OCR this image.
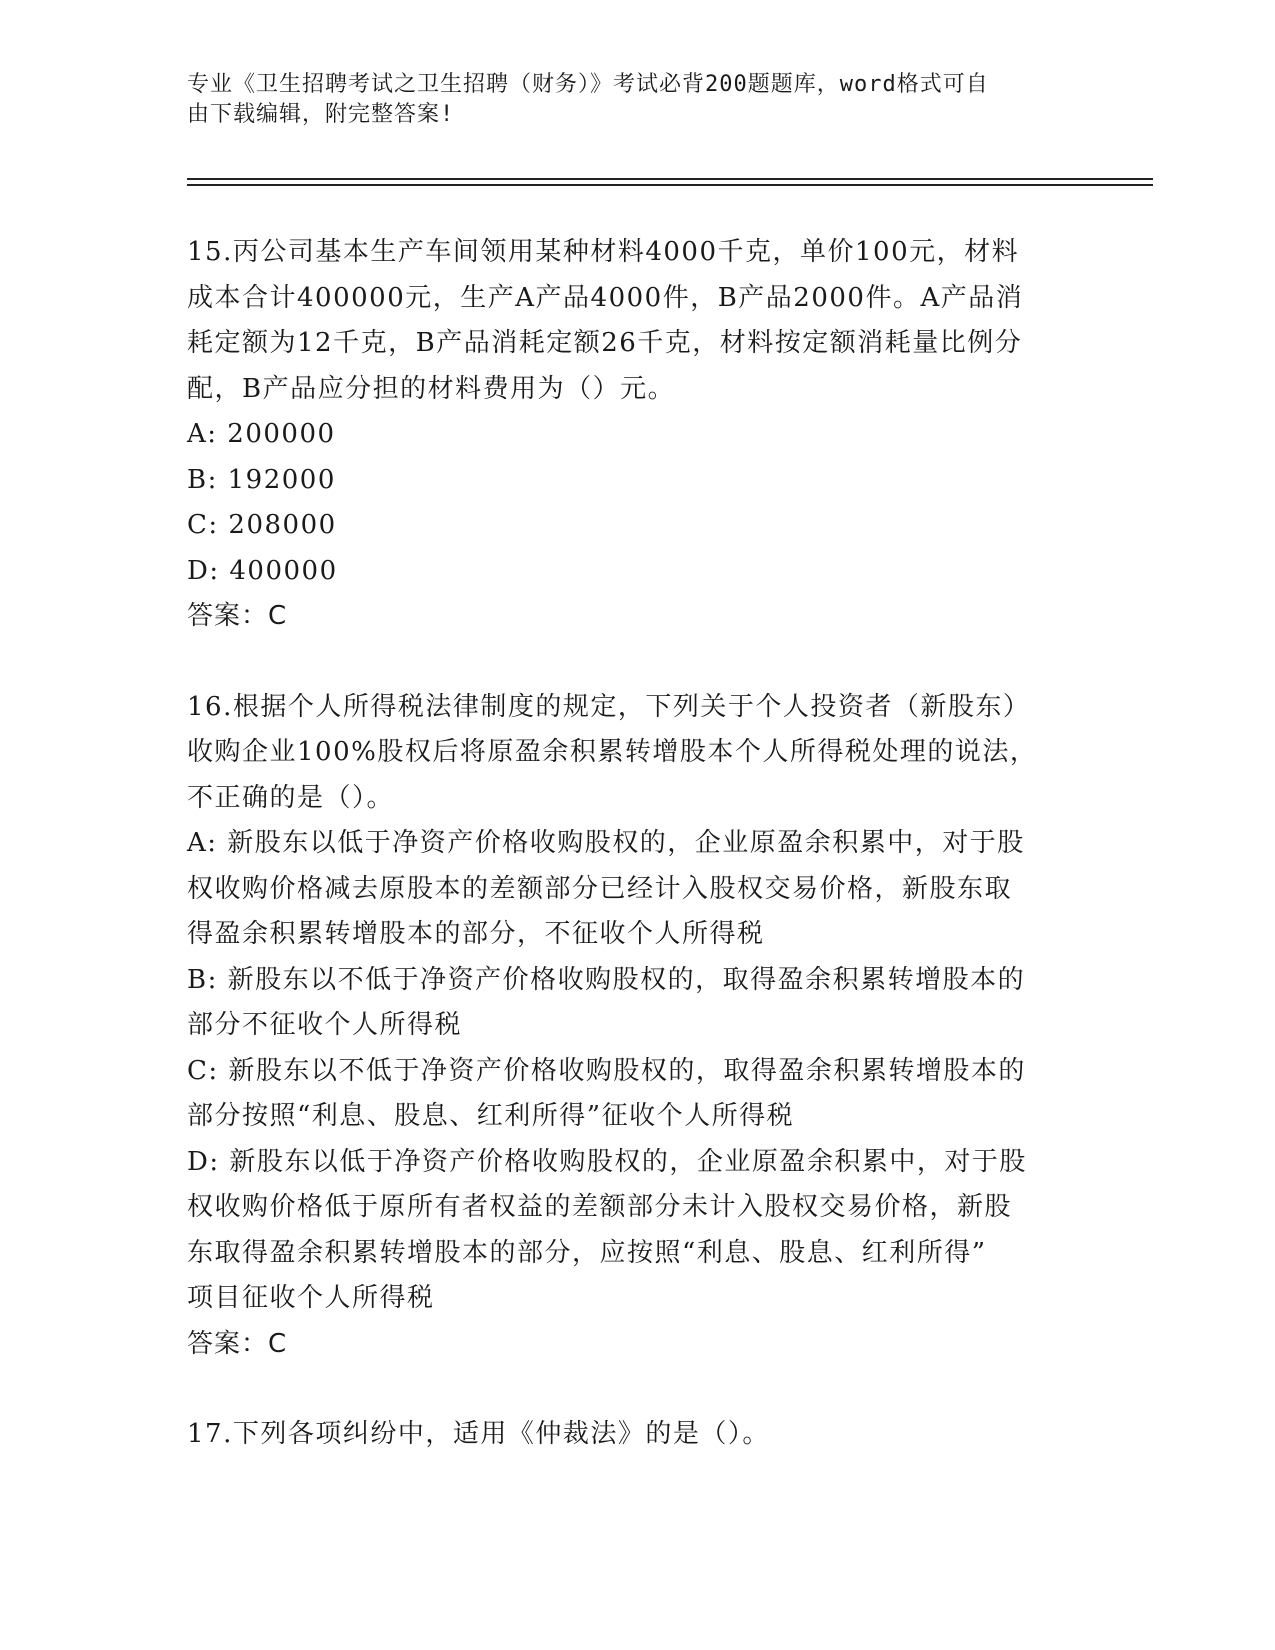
专业《卫生招聘考试之卫生招聘（财务）》考试必背200题题库，word格式可自
由下载编辑，附完整答案!
15.丙公司基本生产车间领用某种材料4000千克，单价100元，材料
成本合计400000元，生产A产品4000件，B产品2000件。A产品消
耗定额为12千克，B产品消耗定额26千克，材料按定额消耗量比例分
配，B产品应分担的材料费用为（）元。
A: 200000
B: 192000
C: 208000
D: 400000
答案：C
16.根据个人所得税法律制度的规定，下列关于个人投资者（新股东）
收购企业100%股权后将原盈余积累转增股本个人所得税处理的说法，
不正确的是（）。
A: 新股东以低于净资产价格收购股权的，企业原盈余积累中，对于股
权收购价格减去原股本的差额部分已经计入股权交易价格，新股东取
得盈余积累转增股本的部分，不征收个人所得税
B: 新股东以不低于净资产价格收购股权的，取得盈余积累转增股本的
部分不征收个人所得税
C: 新股东以不低于净资产价格收购股权的，取得盈余积累转增股本的
部分按照“利息、股息、红利所得”征收个人所得税
D: 新股东以低于净资产价格收购股权的，企业原盈余积累中，对于股
权收购价格低于原所有者权益的差额部分未计入股权交易价格，新股
东取得盈余积累转增股本的部分，应按照“利息、股息、红利所得”
项目征收个人所得税
答案：C
17.下列各项纠纷中，适用《仲裁法》的是（）。
